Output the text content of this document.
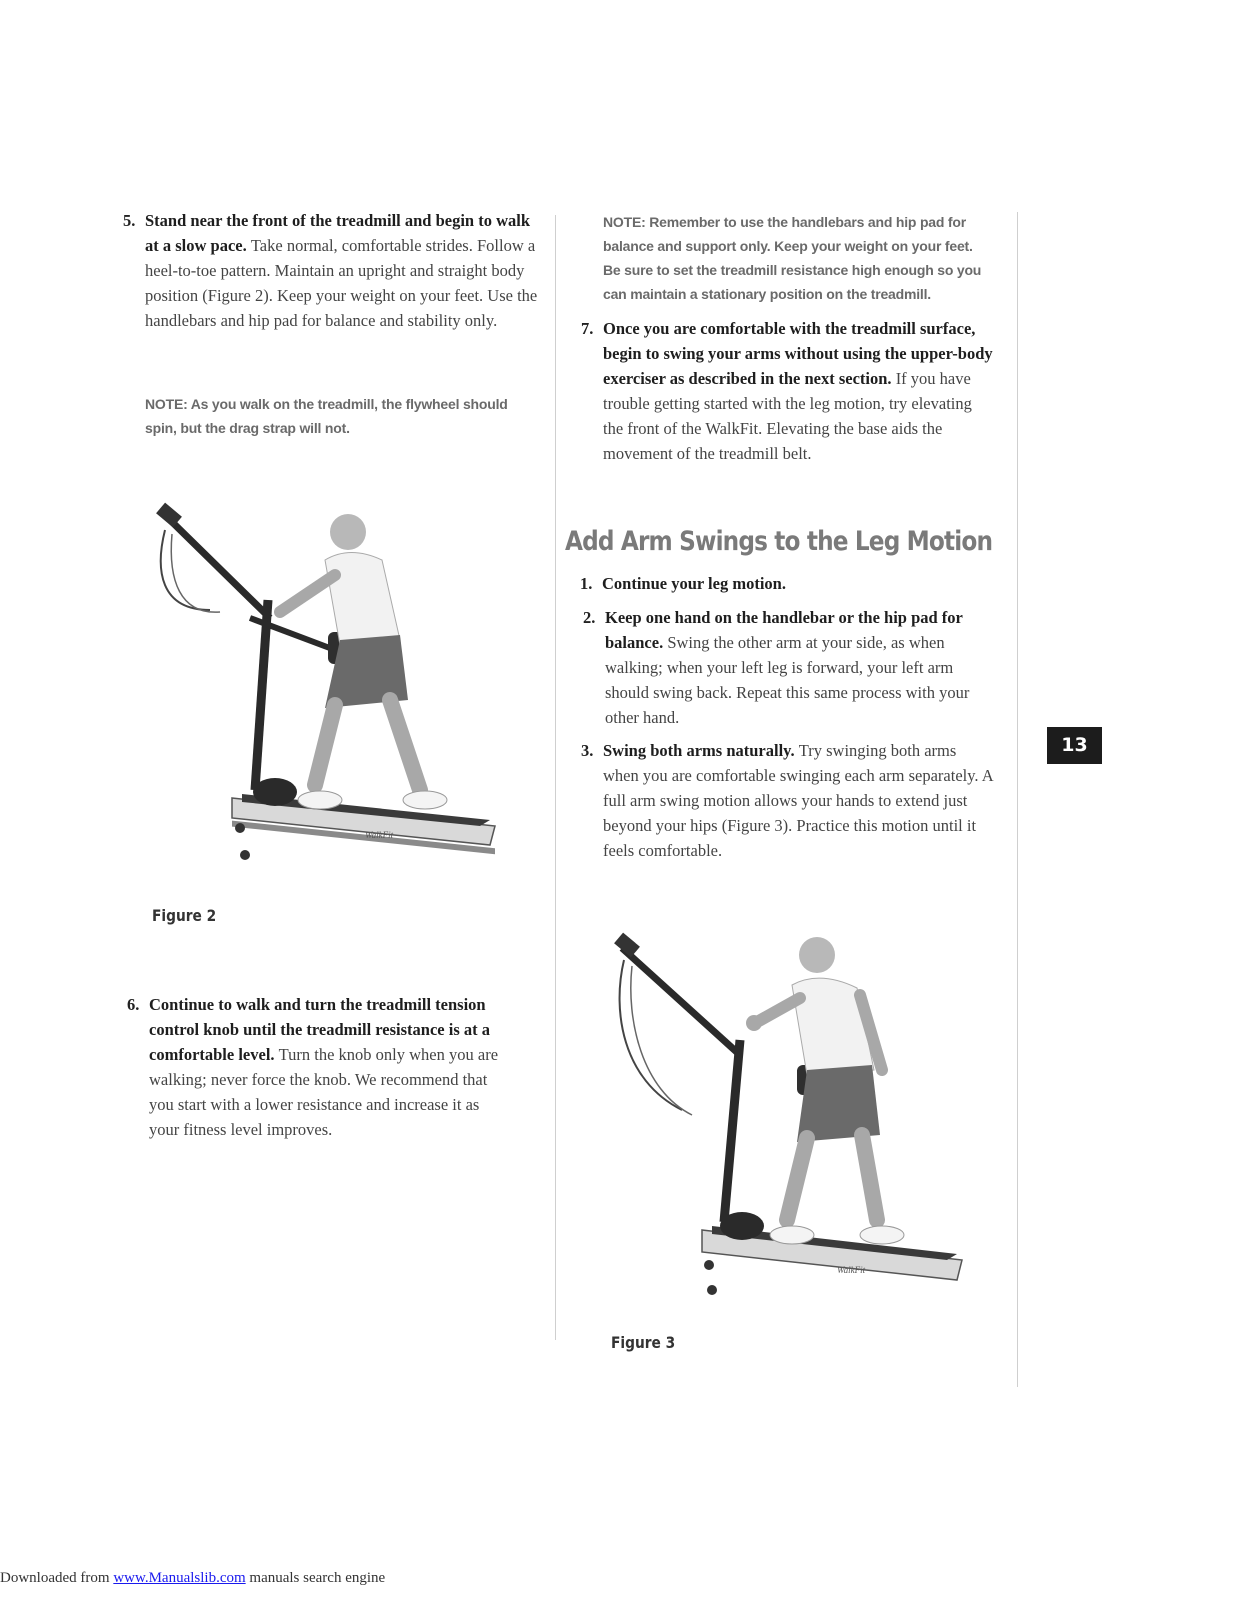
13
5. Stand near the front of the treadmill and begin to walk at a slow pace. Take normal, comfortable strides. Follow a heel-to-toe pattern. Maintain an upright and straight body position (Figure 2). Keep your weight on your feet. Use the handlebars and hip pad for balance and stability only.
NOTE: As you walk on the treadmill, the flywheel should spin, but the drag strap will not.
WalkFit
Figure 2
6. Continue to walk and turn the treadmill tension control knob until the treadmill resistance is at a comfortable level. Turn the knob only when you are walking; never force the knob. We recommend that you start with a lower resistance and increase it as your fitness level improves.
NOTE: Remember to use the handlebars and hip pad for balance and support only. Keep your weight on your feet. Be sure to set the treadmill resistance high enough so you can maintain a stationary position on the treadmill.
7. Once you are comfortable with the treadmill surface, begin to swing your arms without using the upper-body exerciser as described in the next section. If you have trouble getting started with the leg motion, try elevating the front of the WalkFit. Elevating the base aids the movement of the treadmill belt.
Add Arm Swings to the Leg Motion
1. Continue your leg motion.
2. Keep one hand on the handlebar or the hip pad for balance. Swing the other arm at your side, as when walking; when your left leg is forward, your left arm should swing back. Repeat this same process with your other hand.
3. Swing both arms naturally. Try swinging both arms when you are comfortable swinging each arm separately. A full arm swing motion allows your hands to extend just beyond your hips (Figure 3). Practice this motion until it feels comfortable.
WalkFit
Figure 3
Downloaded from www.Manualslib.com manuals search engine
